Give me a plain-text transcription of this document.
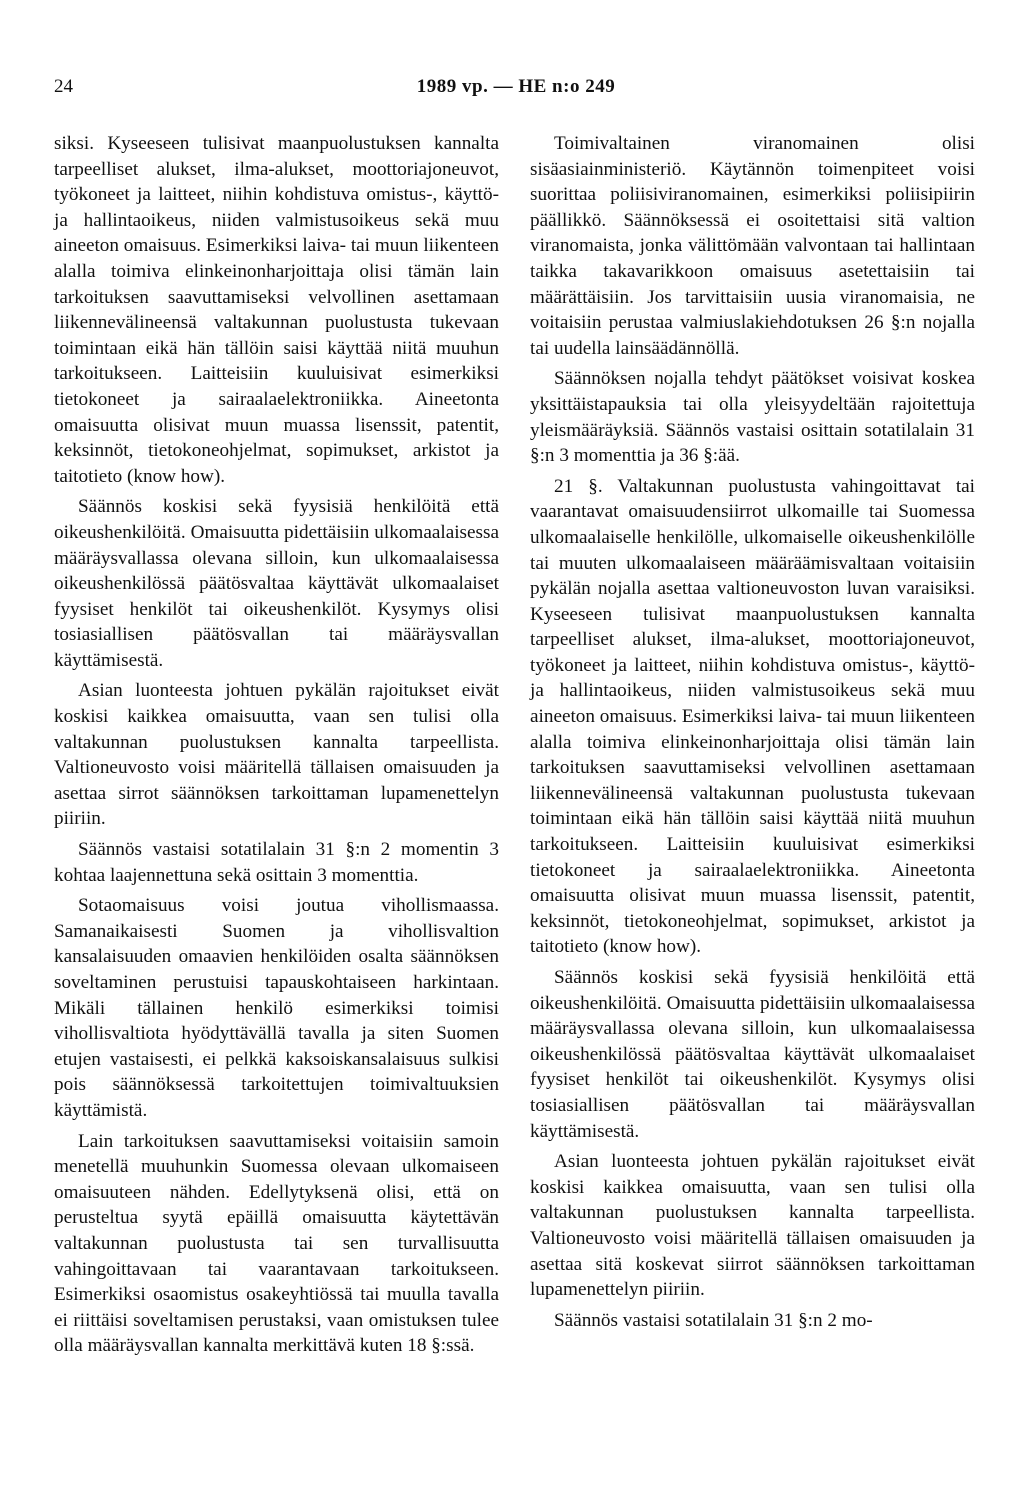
24	1989 vp. — HE n:o 249

siksi. Kyseeseen tulisivat maanpuolustuksen kannalta tarpeelliset alukset, ilma-alukset, moottoriajoneuvot, työkoneet ja laitteet, niihin kohdistuva omistus-, käyttö- ja hallintaoikeus, niiden valmistusoikeus sekä muu aineeton omaisuus. Esimerkiksi laiva- tai muun liikenteen alalla toimiva elinkeinonharjoittaja olisi tämän lain tarkoituksen saavuttamiseksi velvollinen asettamaan liikennevälineensä valtakunnan puolustusta tukevaan toimintaan eikä hän tällöin saisi käyttää niitä muuhun tarkoitukseen. Laitteisiin kuuluisivat esimerkiksi tietokoneet ja sairaalaelektroniikka. Aineetonta omaisuutta olisivat muun muassa lisenssit, patentit, keksinnöt, tietokoneohjelmat, sopimukset, arkistot ja taitotieto (know how).

Säännös koskisi sekä fyysisiä henkilöitä että oikeushenkilöitä. Omaisuutta pidettäisiin ulkomaalaisessa määräysvallassa olevana silloin, kun ulkomaalaisessa oikeushenkilössä päätösvaltaa käyttävät ulkomaalaiset fyysiset henkilöt tai oikeushenkilöt. Kysymys olisi tosiasiallisen päätösvallan tai määräysvallan käyttämisestä.

Asian luonteesta johtuen pykälän rajoitukset eivät koskisi kaikkea omaisuutta, vaan sen tulisi olla valtakunnan puolustuksen kannalta tarpeellista. Valtioneuvosto voisi määritellä tällaisen omaisuuden ja asettaa sirrot säännöksen tarkoittaman lupamenettelyn piiriin.

Säännös vastaisi sotatilalain 31 §:n 2 momentin 3 kohtaa laajennettuna sekä osittain 3 momenttia.

Sotaomaisuus voisi joutua vihollismaassa. Samanaikaisesti Suomen ja vihollisvaltion kansalaisuuden omaavien henkilöiden osalta säännöksen soveltaminen perustuisi tapauskohtaiseen harkintaan. Mikäli tällainen henkilö esimerkiksi toimisi vihollisvaltiota hyödyttävällä tavalla ja siten Suomen etujen vastaisesti, ei pelkkä kaksoiskansalaisuus sulkisi pois säännöksessä tarkoitettujen toimivaltuuksien käyttämistä.

Lain tarkoituksen saavuttamiseksi voitaisiin samoin menetellä muuhunkin Suomessa olevaan ulkomaiseen omaisuuteen nähden. Edellytyksenä olisi, että on perusteltua syytä epäillä omaisuutta käytettävän valtakunnan puolustusta tai sen turvallisuutta vahingoittavaan tai vaarantavaan tarkoitukseen. Esimerkiksi osaomistus osakeyhtiössä tai muulla tavalla ei riittäisi soveltamisen perustaksi, vaan omistuksen tulee olla määräysvallan kannalta merkittävä kuten 18 §:ssä.

Toimivaltainen viranomainen olisi sisäasiainministeriö. Käytännön toimenpiteet voisi suorittaa poliisiviranomainen, esimerkiksi poliisipiirin päällikkö. Säännöksessä ei osoitettaisi sitä valtion viranomaista, jonka välittömään valvontaan tai hallintaan taikka takavarikkoon omaisuus asetettaisiin tai määrättäisiin. Jos tarvittaisiin uusia viranomaisia, ne voitaisiin perustaa valmiuslakiehdotuksen 26 §:n nojalla tai uudella lainsäädännöllä.

Säännöksen nojalla tehdyt päätökset voisivat koskea yksittäistapauksia tai olla yleisyydeltään rajoitettuja yleismääräyksiä. Säännös vastaisi osittain sotatilalain 31 §:n 3 momenttia ja 36 §:ää.

21 §. Valtakunnan puolustusta vahingoittavat tai vaarantavat omaisuudensiirrot ulkomaille tai Suomessa ulkomaalaiselle henkilölle, ulkomaiselle oikeushenkilölle tai muuten ulkomaalaiseen määräämisvaltaan voitaisiin pykälän nojalla asettaa valtioneuvoston luvan varaisiksi. Kyseeseen tulisivat maanpuolustuksen kannalta tarpeelliset alukset, ilma-alukset, moottoriajoneuvot, työkoneet ja laitteet, niihin kohdistuva omistus-, käyttö- ja hallintaoikeus, niiden valmistusoikeus sekä muu aineeton omaisuus. Esimerkiksi laiva- tai muun liikenteen alalla toimiva elinkeinonharjoittaja olisi tämän lain tarkoituksen saavuttamiseksi velvollinen asettamaan liikennevälineensä valtakunnan puolustusta tukevaan toimintaan eikä hän tällöin saisi käyttää niitä muuhun tarkoitukseen. Laitteisiin kuuluisivat esimerkiksi tietokoneet ja sairaalaelektroniikka. Aineetonta omaisuutta olisivat muun muassa lisenssit, patentit, keksinnöt, tietokoneohjelmat, sopimukset, arkistot ja taitotieto (know how).

Säännös koskisi sekä fyysisiä henkilöitä että oikeushenkilöitä. Omaisuutta pidettäisiin ulkomaalaisessa määräysvallassa olevana silloin, kun ulkomaalaisessa oikeushenkilössä päätösvaltaa käyttävät ulkomaalaiset fyysiset henkilöt tai oikeushenkilöt. Kysymys olisi tosiasiallisen päätösvallan tai määräysvallan käyttämisestä.

Asian luonteesta johtuen pykälän rajoitukset eivät koskisi kaikkea omaisuutta, vaan sen tulisi olla valtakunnan puolustuksen kannalta tarpeellista. Valtioneuvosto voisi määritellä tällaisen omaisuuden ja asettaa sitä koskevat siirrot säännöksen tarkoittaman lupamenettelyn piiriin.

Säännös vastaisi sotatilalain 31 §:n 2 mo-
